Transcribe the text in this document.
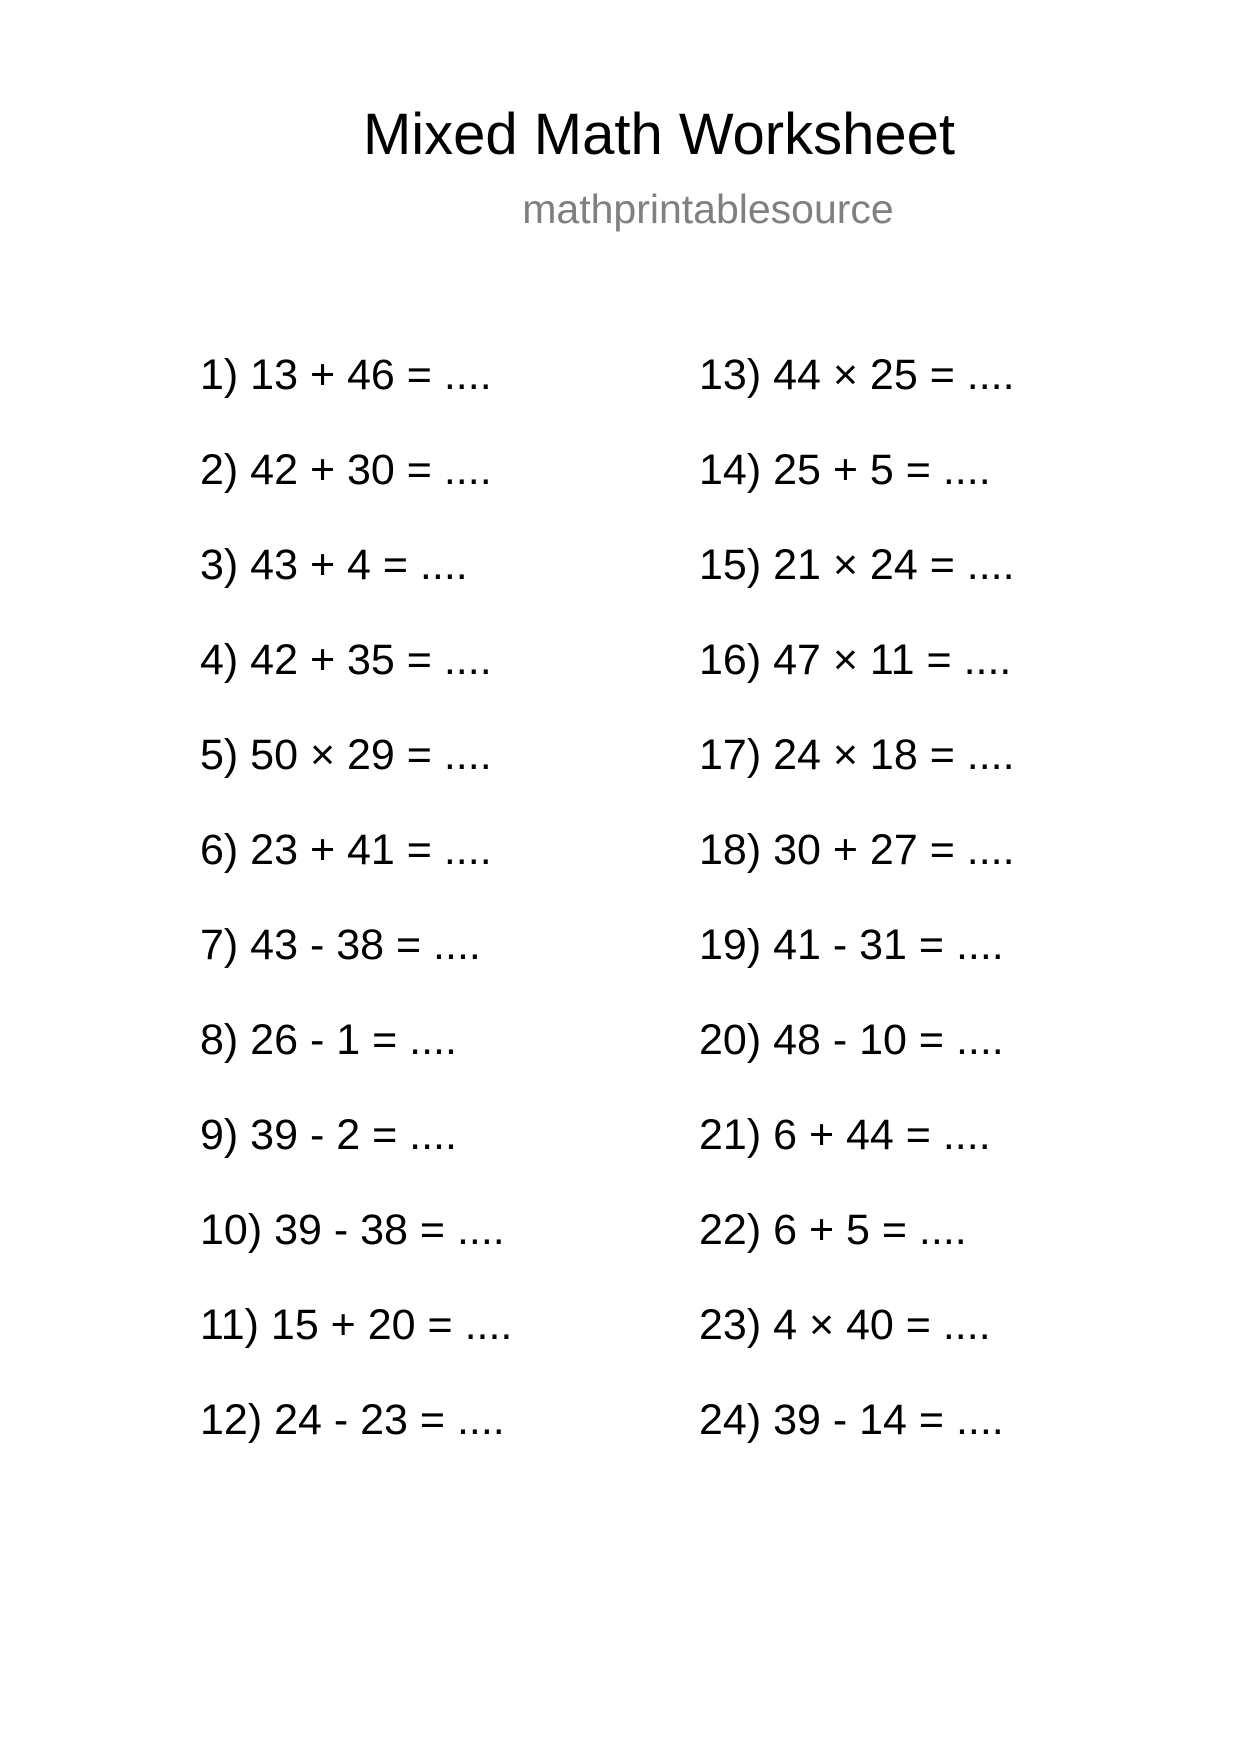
Mixed Math Worksheet
mathprintablesource
1) 13 + 46 = ....
2) 42 + 30 = ....
3) 43 + 4 = ....
4) 42 + 35 = ....
5) 50 × 29 = ....
6) 23 + 41 = ....
7) 43 - 38 = ....
8) 26 - 1 = ....
9) 39 - 2 = ....
10) 39 - 38 = ....
11) 15 + 20 = ....
12) 24 - 23 = ....
13) 44 × 25 = ....
14) 25 + 5 = ....
15) 21 × 24 = ....
16) 47 × 11 = ....
17) 24 × 18 = ....
18) 30 + 27 = ....
19) 41 - 31 = ....
20) 48 - 10 = ....
21) 6 + 44 = ....
22) 6 + 5 = ....
23) 4 × 40 = ....
24) 39 - 14 = ....
